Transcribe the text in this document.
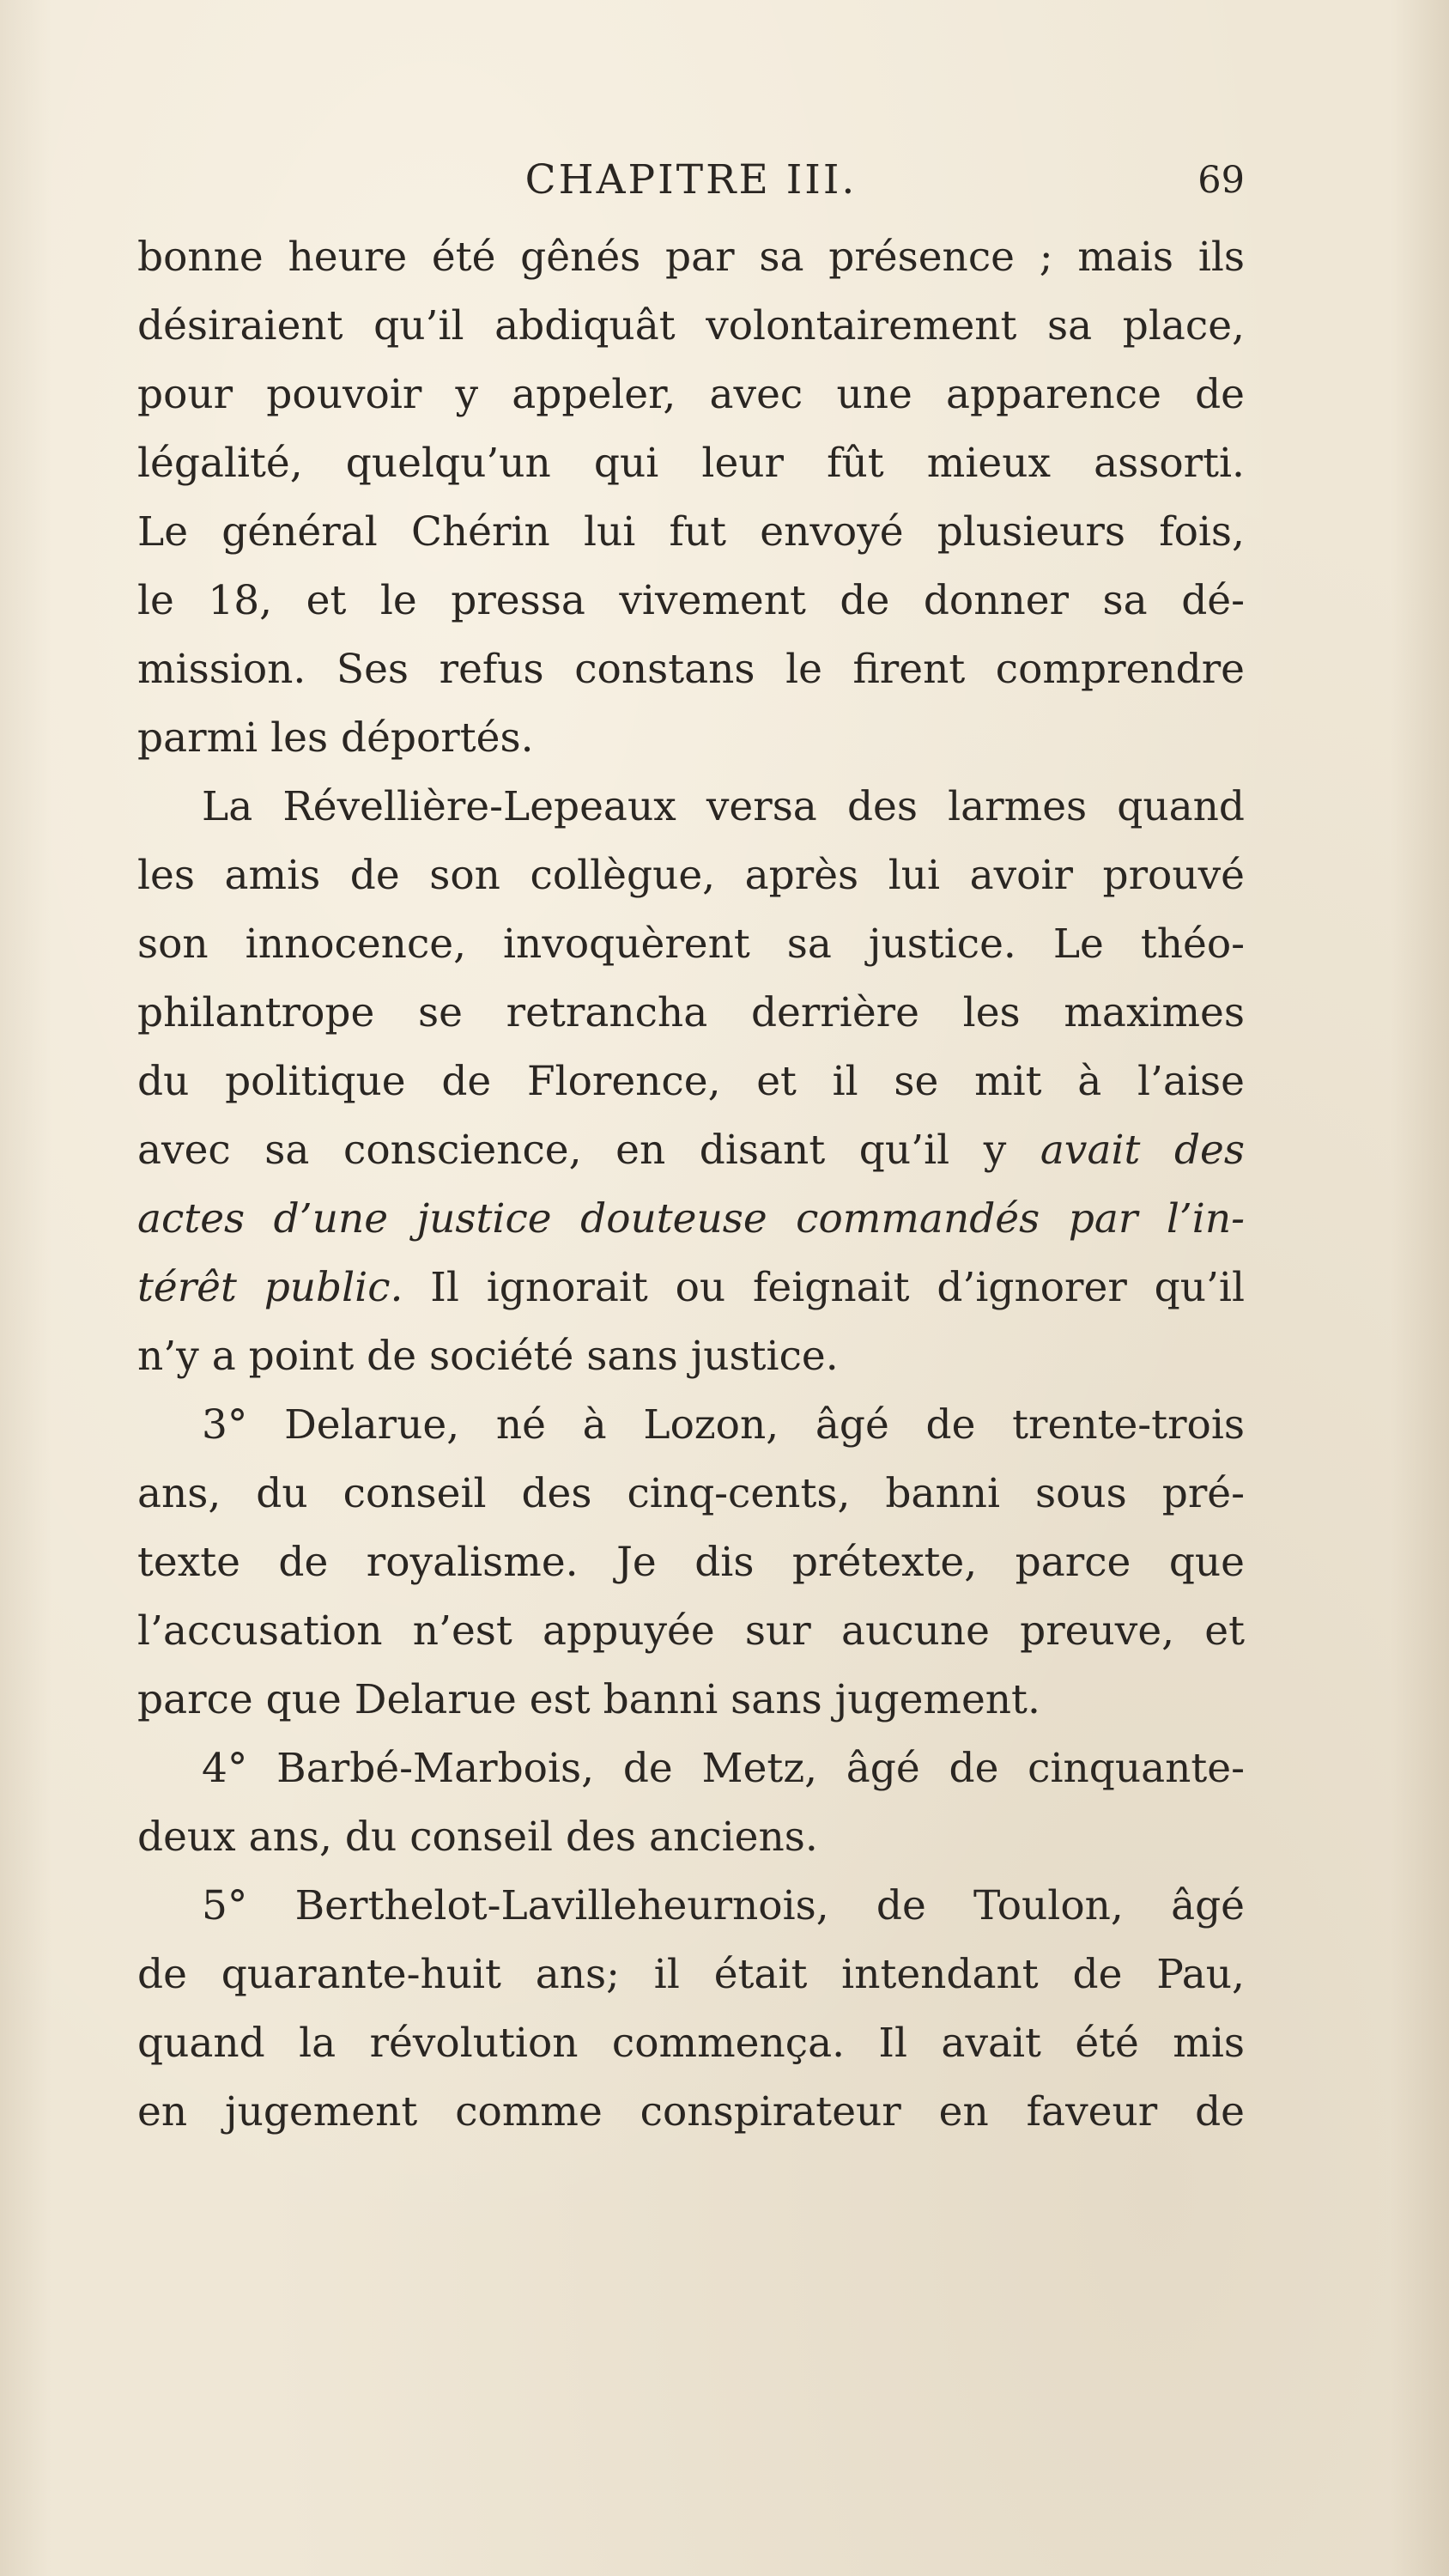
CHAPITRE III.	69
bonne heure été gênés par sa présence ; mais ils
désiraient qu’il abdiquât volontairement sa place,
pour pouvoir y appeler, avec une apparence de
légalité, quelqu’un qui leur fût mieux assorti.
Le général Chérin lui fut envoyé plusieurs fois,
le 18, et le pressa vivement de donner sa dé-
mission. Ses refus constans le firent comprendre
parmi les déportés.
La Révellière-Lepeaux versa des larmes quand
les amis de son collègue, après lui avoir prouvé
son innocence, invoquèrent sa justice. Le théo-
philantrope se retrancha derrière les maximes
du politique de Florence, et il se mit à l’aise
avec sa conscience, en disant qu’il y avait des
actes d’une justice douteuse commandés par l’in-
térêt public. Il ignorait ou feignait d’ignorer qu’il
n’y a point de société sans justice.
3° Delarue, né à Lozon, âgé de trente-trois
ans, du conseil des cinq-cents, banni sous pré-
texte de royalisme. Je dis prétexte, parce que
l’accusation n’est appuyée sur aucune preuve, et
parce que Delarue est banni sans jugement.
4° Barbé-Marbois, de Metz, âgé de cinquante-
deux ans, du conseil des anciens.
5° Berthelot-Lavilleheurnois, de Toulon, âgé
de quarante-huit ans; il était intendant de Pau,
quand la révolution commença. Il avait été mis
en jugement comme conspirateur en faveur de
